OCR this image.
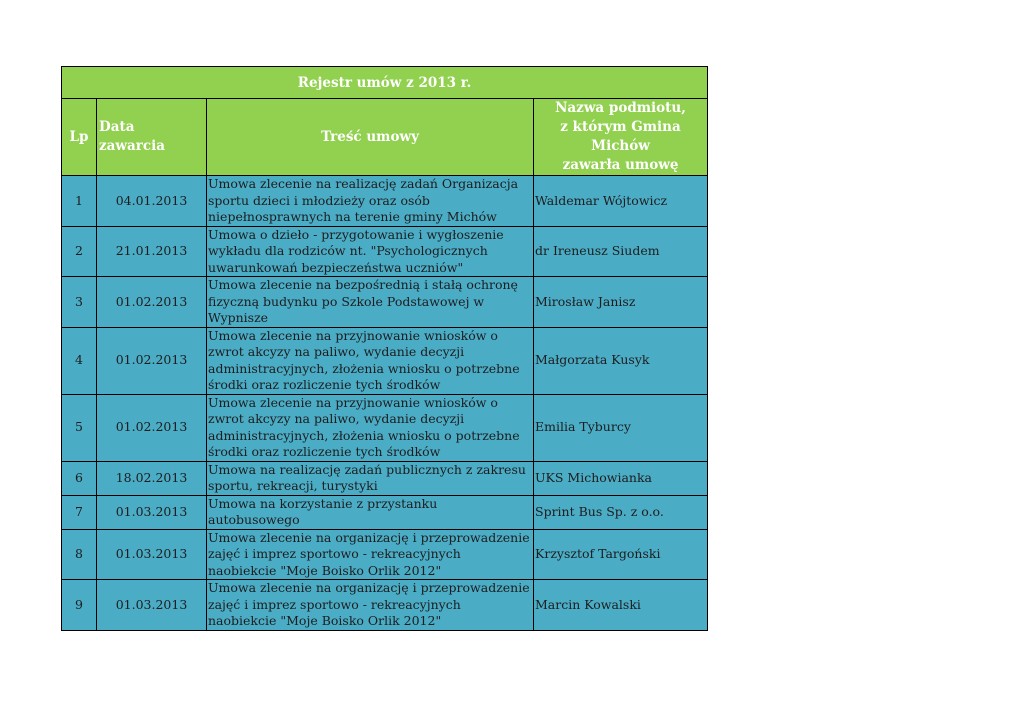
Rejestr umów z 2013 r.			
Lp	Data zawarcia	Treść umowy	Nazwa podmiotu,
z którym Gmina Michów
zawarła umowę
1	04.01.2013	Umowa zlecenie na realizację zadań Organizacja sportu dzieci i młodzieży oraz osób niepełnosprawnych na terenie gminy Michów	Waldemar Wójtowicz
2	21.01.2013	Umowa o dzieło - przygotowanie i wygłoszenie wykładu dla rodziców nt. "Psychologicznych uwarunkowań bezpieczeństwa uczniów"	dr Ireneusz Siudem
3	01.02.2013	Umowa zlecenie na bezpośrednią i stałą ochronę fizyczną budynku po Szkole Podstawowej w Wypnisze	Mirosław Janisz
4	01.02.2013	Umowa zlecenie na przyjnowanie wniosków o zwrot akcyzy na paliwo, wydanie decyzji administracyjnych, złożenia wniosku o potrzebne środki oraz rozliczenie tych środków	Małgorzata Kusyk
5	01.02.2013	Umowa zlecenie na przyjnowanie wniosków o zwrot akcyzy na paliwo, wydanie decyzji administracyjnych, złożenia wniosku o potrzebne środki oraz rozliczenie tych środków	Emilia Tyburcy
6	18.02.2013	Umowa na realizację zadań publicznych z zakresu sportu, rekreacji, turystyki	UKS Michowianka
7	01.03.2013	Umowa na korzystanie z przystanku autobusowego	Sprint Bus Sp. z o.o.
8	01.03.2013	Umowa zlecenie na organizację i przeprowadzenie zajęć i imprez sportowo - rekreacyjnych naobiekcie "Moje Boisko Orlik 2012"	Krzysztof Targoński
9	01.03.2013	Umowa zlecenie na organizację i przeprowadzenie zajęć i imprez sportowo - rekreacyjnych naobiekcie "Moje Boisko Orlik 2012"	Marcin Kowalski
